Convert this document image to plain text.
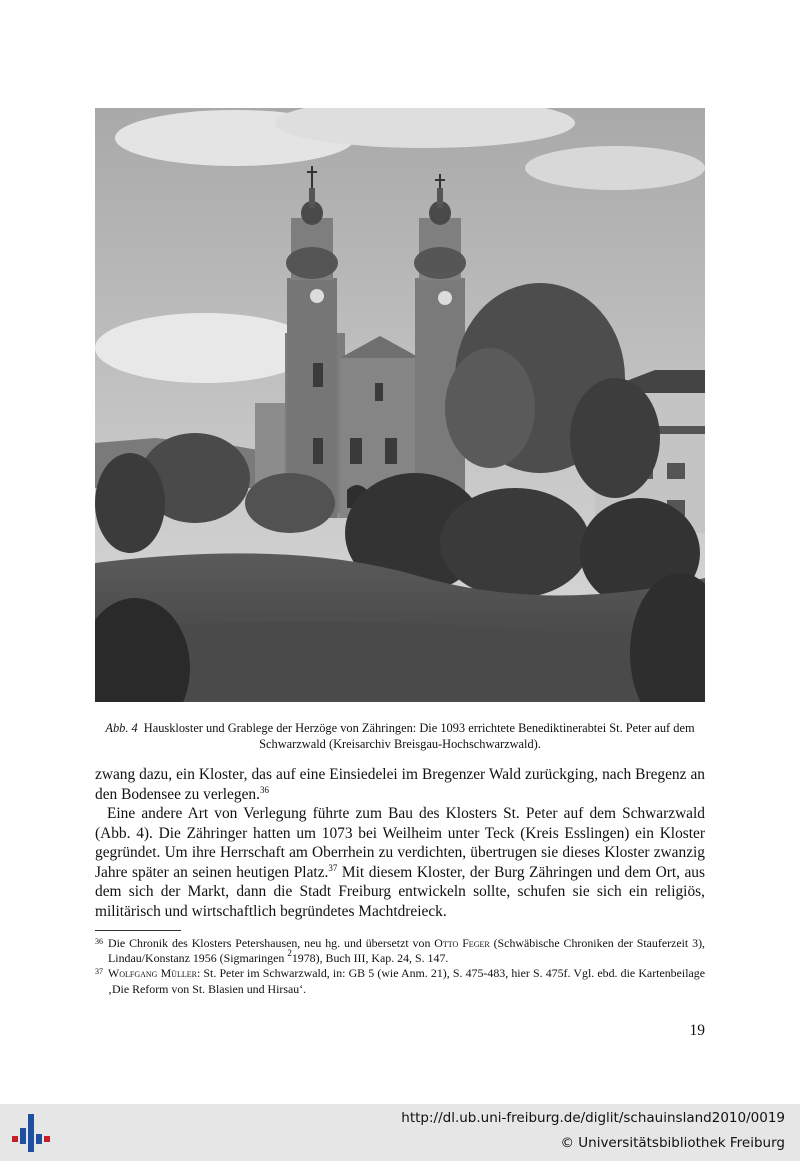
Abb. 4 Hauskloster und Grablege der Herzöge von Zähringen: Die 1093 errichtete Benediktinerabtei St. Peter auf dem Schwarzwald (Kreisarchiv Breisgau-Hochschwarzwald).

zwang dazu, ein Kloster, das auf eine Einsiedelei im Bregenzer Wald zurückging, nach Bregenz an den Bodensee zu verlegen.$^{36}$

Eine andere Art von Verlegung führte zum Bau des Klosters St. Peter auf dem Schwarzwald (Abb. 4). Die Zähringer hatten um 1073 bei Weilheim unter Teck (Kreis Esslingen) ein Kloster gegründet. Um ihre Herrschaft am Oberrhein zu verdichten, übertrugen sie dieses Kloster zwanzig Jahre später an seinen heutigen Platz.$^{37}$ Mit diesem Kloster, der Burg Zähringen und dem Ort, aus dem sich der Markt, dann die Stadt Freiburg entwickeln sollte, schufen sie sich ein religiös, militärisch und wirtschaftlich begründetes Machtdreieck.

36 Die Chronik des Klosters Petershausen, neu hg. und übersetzt von Otto Feger (Schwäbische Chroniken der Stauferzeit 3), Lindau/Konstanz 1956 (Sigmaringen $^2$1978), Buch III, Kap. 24, S. 147.
37 Wolfgang Müller: St. Peter im Schwarzwald, in: GB 5 (wie Anm. 21), S. 475-483, hier S. 475f. Vgl. ebd. die Kartenbeilage ‚Die Reform von St. Blasien und Hirsau‘.
19
http://dl.ub.uni-freiburg.de/diglit/schauinsland2010/0019
© Universitätsbibliothek Freiburg
